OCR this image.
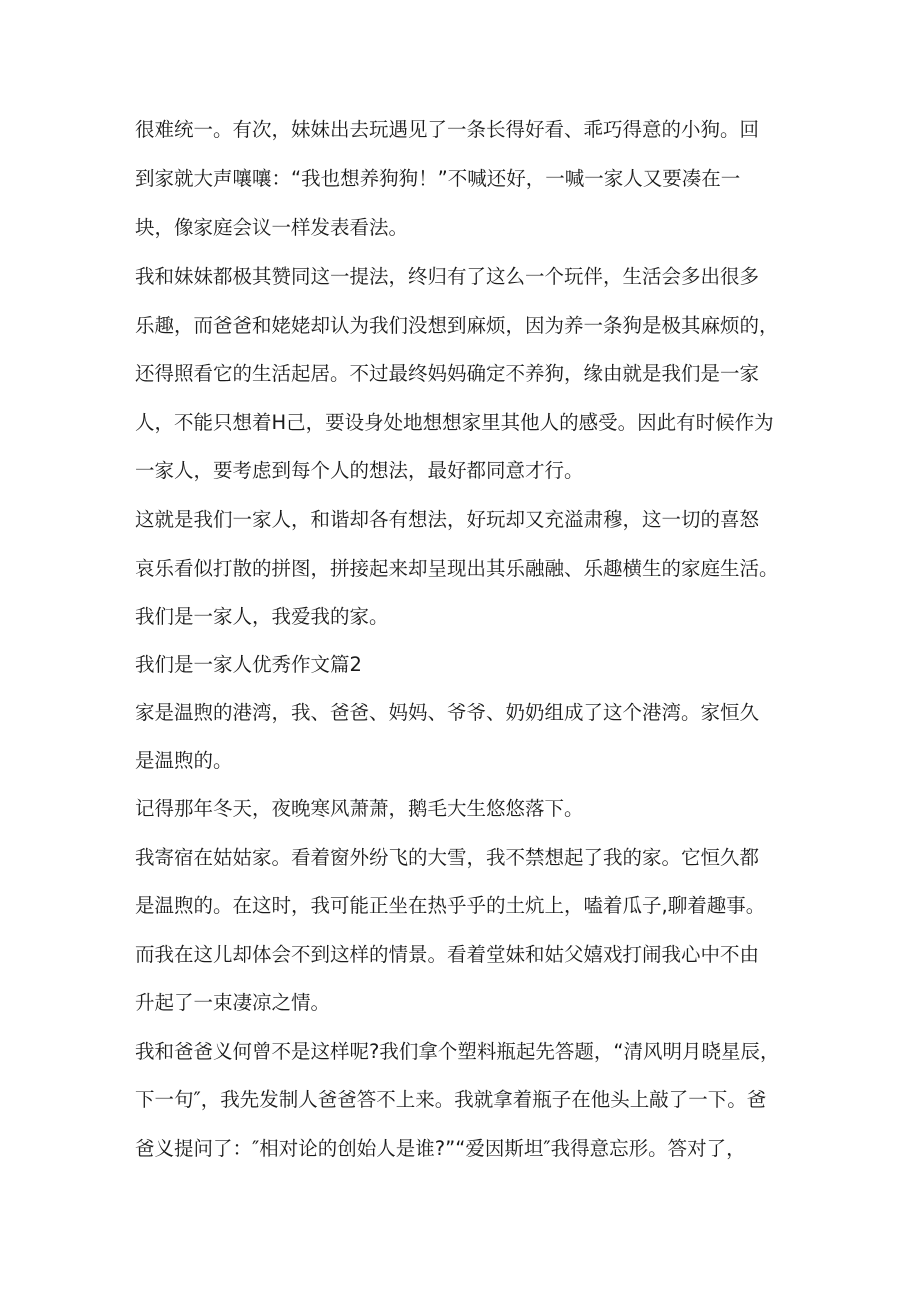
很难统一。有次，妹妹出去玩遇见了一条长得好看、乖巧得意的小狗。回
到家就大声嚷嚷：“我也想养狗狗！”不喊还好，一喊一家人又要凑在一
块，像家庭会议一样发表看法。
我和妹妹都极其赞同这一提法，终归有了这么一个玩伴，生活会多出很多
乐趣，而爸爸和姥姥却认为我们没想到麻烦，因为养一条狗是极其麻烦的，
还得照看它的生活起居。不过最终妈妈确定不养狗，缘由就是我们是一家
人，不能只想着H己，要设身处地想想家里其他人的感受。因此有时候作为
一家人，要考虑到每个人的想法，最好都同意才行。
这就是我们一家人，和谐却各有想法，好玩却又充溢肃穆，这一切的喜怒
哀乐看似打散的拼图，拼接起来却呈现出其乐融融、乐趣横生的家庭生活。
我们是一家人，我爱我的家。
我们是一家人优秀作文篇2
家是温煦的港湾，我、爸爸、妈妈、爷爷、奶奶组成了这个港湾。家恒久
是温煦的。
记得那年冬天，夜晚寒风萧萧，鹅毛大生悠悠落下。
我寄宿在姑姑家。看着窗外纷飞的大雪，我不禁想起了我的家。它恒久都
是温煦的。在这时，我可能正坐在热乎乎的土炕上，嗑着瓜子,聊着趣事。
而我在这儿却体会不到这样的情景。看着堂妹和姑父嬉戏打闹我心中不由
升起了一束凄凉之情。
我和爸爸义何曾不是这样呢?我们拿个塑料瓶起先答题，“清风明月晓星辰，
下一句″，我先发制人爸爸答不上来。我就拿着瓶子在他头上敲了一下。爸
爸义提问了：″相对论的创始人是谁?”“爱因斯坦″我得意忘形。答对了，
